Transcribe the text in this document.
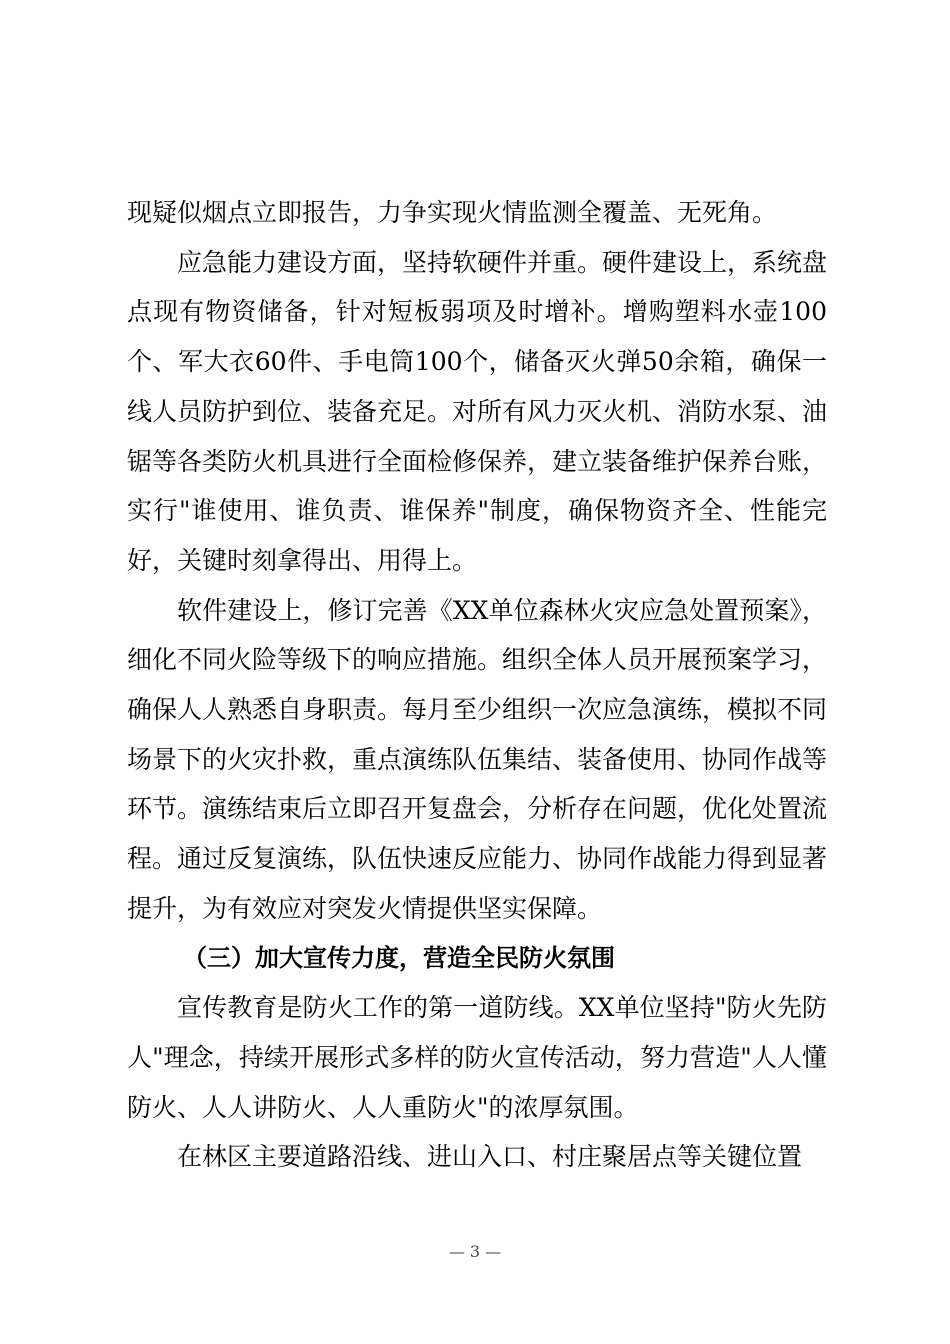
现疑似烟点立即报告，力争实现火情监测全覆盖、无死角。

应急能力建设方面，坚持软硬件并重。硬件建设上，系统盘点现有物资储备，针对短板弱项及时增补。增购塑料水壶100个、军大衣60件、手电筒100个，储备灭火弹50余箱，确保一线人员防护到位、装备充足。对所有风力灭火机、消防水泵、油锯等各类防火机具进行全面检修保养，建立装备维护保养台账，实行"谁使用、谁负责、谁保养"制度，确保物资齐全、性能完好，关键时刻拿得出、用得上。

软件建设上，修订完善《XX单位森林火灾应急处置预案》，细化不同火险等级下的响应措施。组织全体人员开展预案学习，确保人人熟悉自身职责。每月至少组织一次应急演练，模拟不同场景下的火灾扑救，重点演练队伍集结、装备使用、协同作战等环节。演练结束后立即召开复盘会，分析存在问题，优化处置流程。通过反复演练，队伍快速反应能力、协同作战能力得到显著提升，为有效应对突发火情提供坚实保障。

（三）加大宣传力度，营造全民防火氛围

宣传教育是防火工作的第一道防线。XX单位坚持"防火先防人"理念，持续开展形式多样的防火宣传活动，努力营造"人人懂防火、人人讲防火、人人重防火"的浓厚氛围。

在林区主要道路沿线、进山入口、村庄聚居点等关键位置

— 3 —
